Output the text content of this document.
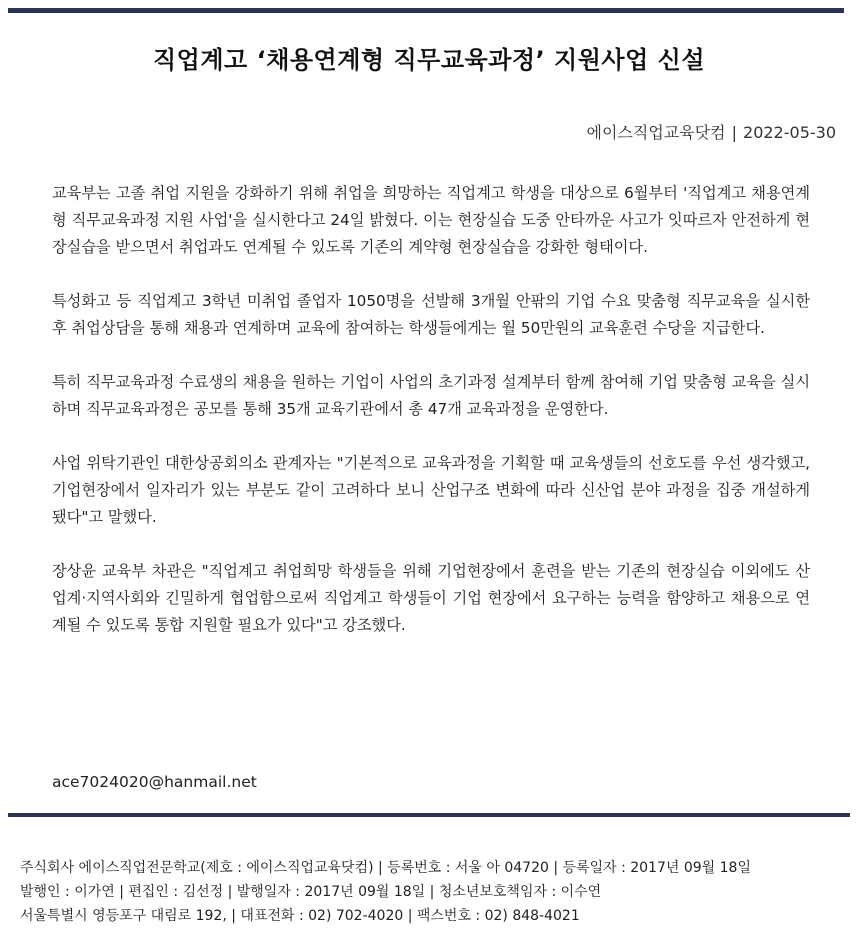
직업계고 ‘채용연계형 직무교육과정’ 지원사업 신설
에이스직업교육닷컴 | 2022-05-30

교육부는 고졸 취업 지원을 강화하기 위해 취업을 희망하는 직업계고 학생을 대상으로 6월부터 '직업계고 채용연계형 직무교육과정 지원 사업'을 실시한다고 24일 밝혔다. 이는 현장실습 도중 안타까운 사고가 잇따르자 안전하게 현장실습을 받으면서 취업과도 연계될 수 있도록 기존의 계약형 현장실습을 강화한 형태이다.

특성화고 등 직업계고 3학년 미취업 졸업자 1050명을 선발해 3개월 안팎의 기업 수요 맞춤형 직무교육을 실시한 후 취업상담을 통해 채용과 연계하며 교육에 참여하는 학생들에게는 월 50만원의 교육훈련 수당을 지급한다.

특히 직무교육과정 수료생의 채용을 원하는 기업이 사업의 초기과정 설계부터 함께 참여해 기업 맞춤형 교육을 실시하며 직무교육과정은 공모를 통해 35개 교육기관에서 총 47개 교육과정을 운영한다.

사업 위탁기관인 대한상공회의소 관계자는 "기본적으로 교육과정을 기획할 때 교육생들의 선호도를 우선 생각했고, 기업현장에서 일자리가 있는 부분도 같이 고려하다 보니 산업구조 변화에 따라 신산업 분야 과정을 집중 개설하게 됐다"고 말했다.

장상윤 교육부 차관은 "직업계고 취업희망 학생들을 위해 기업현장에서 훈련을 받는 기존의 현장실습 이외에도 산업계·지역사회와 긴밀하게 협업함으로써 직업계고 학생들이 기업 현장에서 요구하는 능력을 함양하고 채용으로 연계될 수 있도록 통합 지원할 필요가 있다"고 강조했다.

ace7024020@hanmail.net
주식회사 에이스직업전문학교(제호 : 에이스직업교육닷컴) | 등록번호 : 서울 아 04720 | 등록일자 : 2017년 09월 18일
발행인 : 이가연 | 편집인 : 김선정 | 발행일자 : 2017년 09월 18일 | 청소년보호책임자 : 이수연
서울특별시 영등포구 대림로 192, | 대표전화 : 02) 702-4020 | 팩스번호 : 02) 848-4021
